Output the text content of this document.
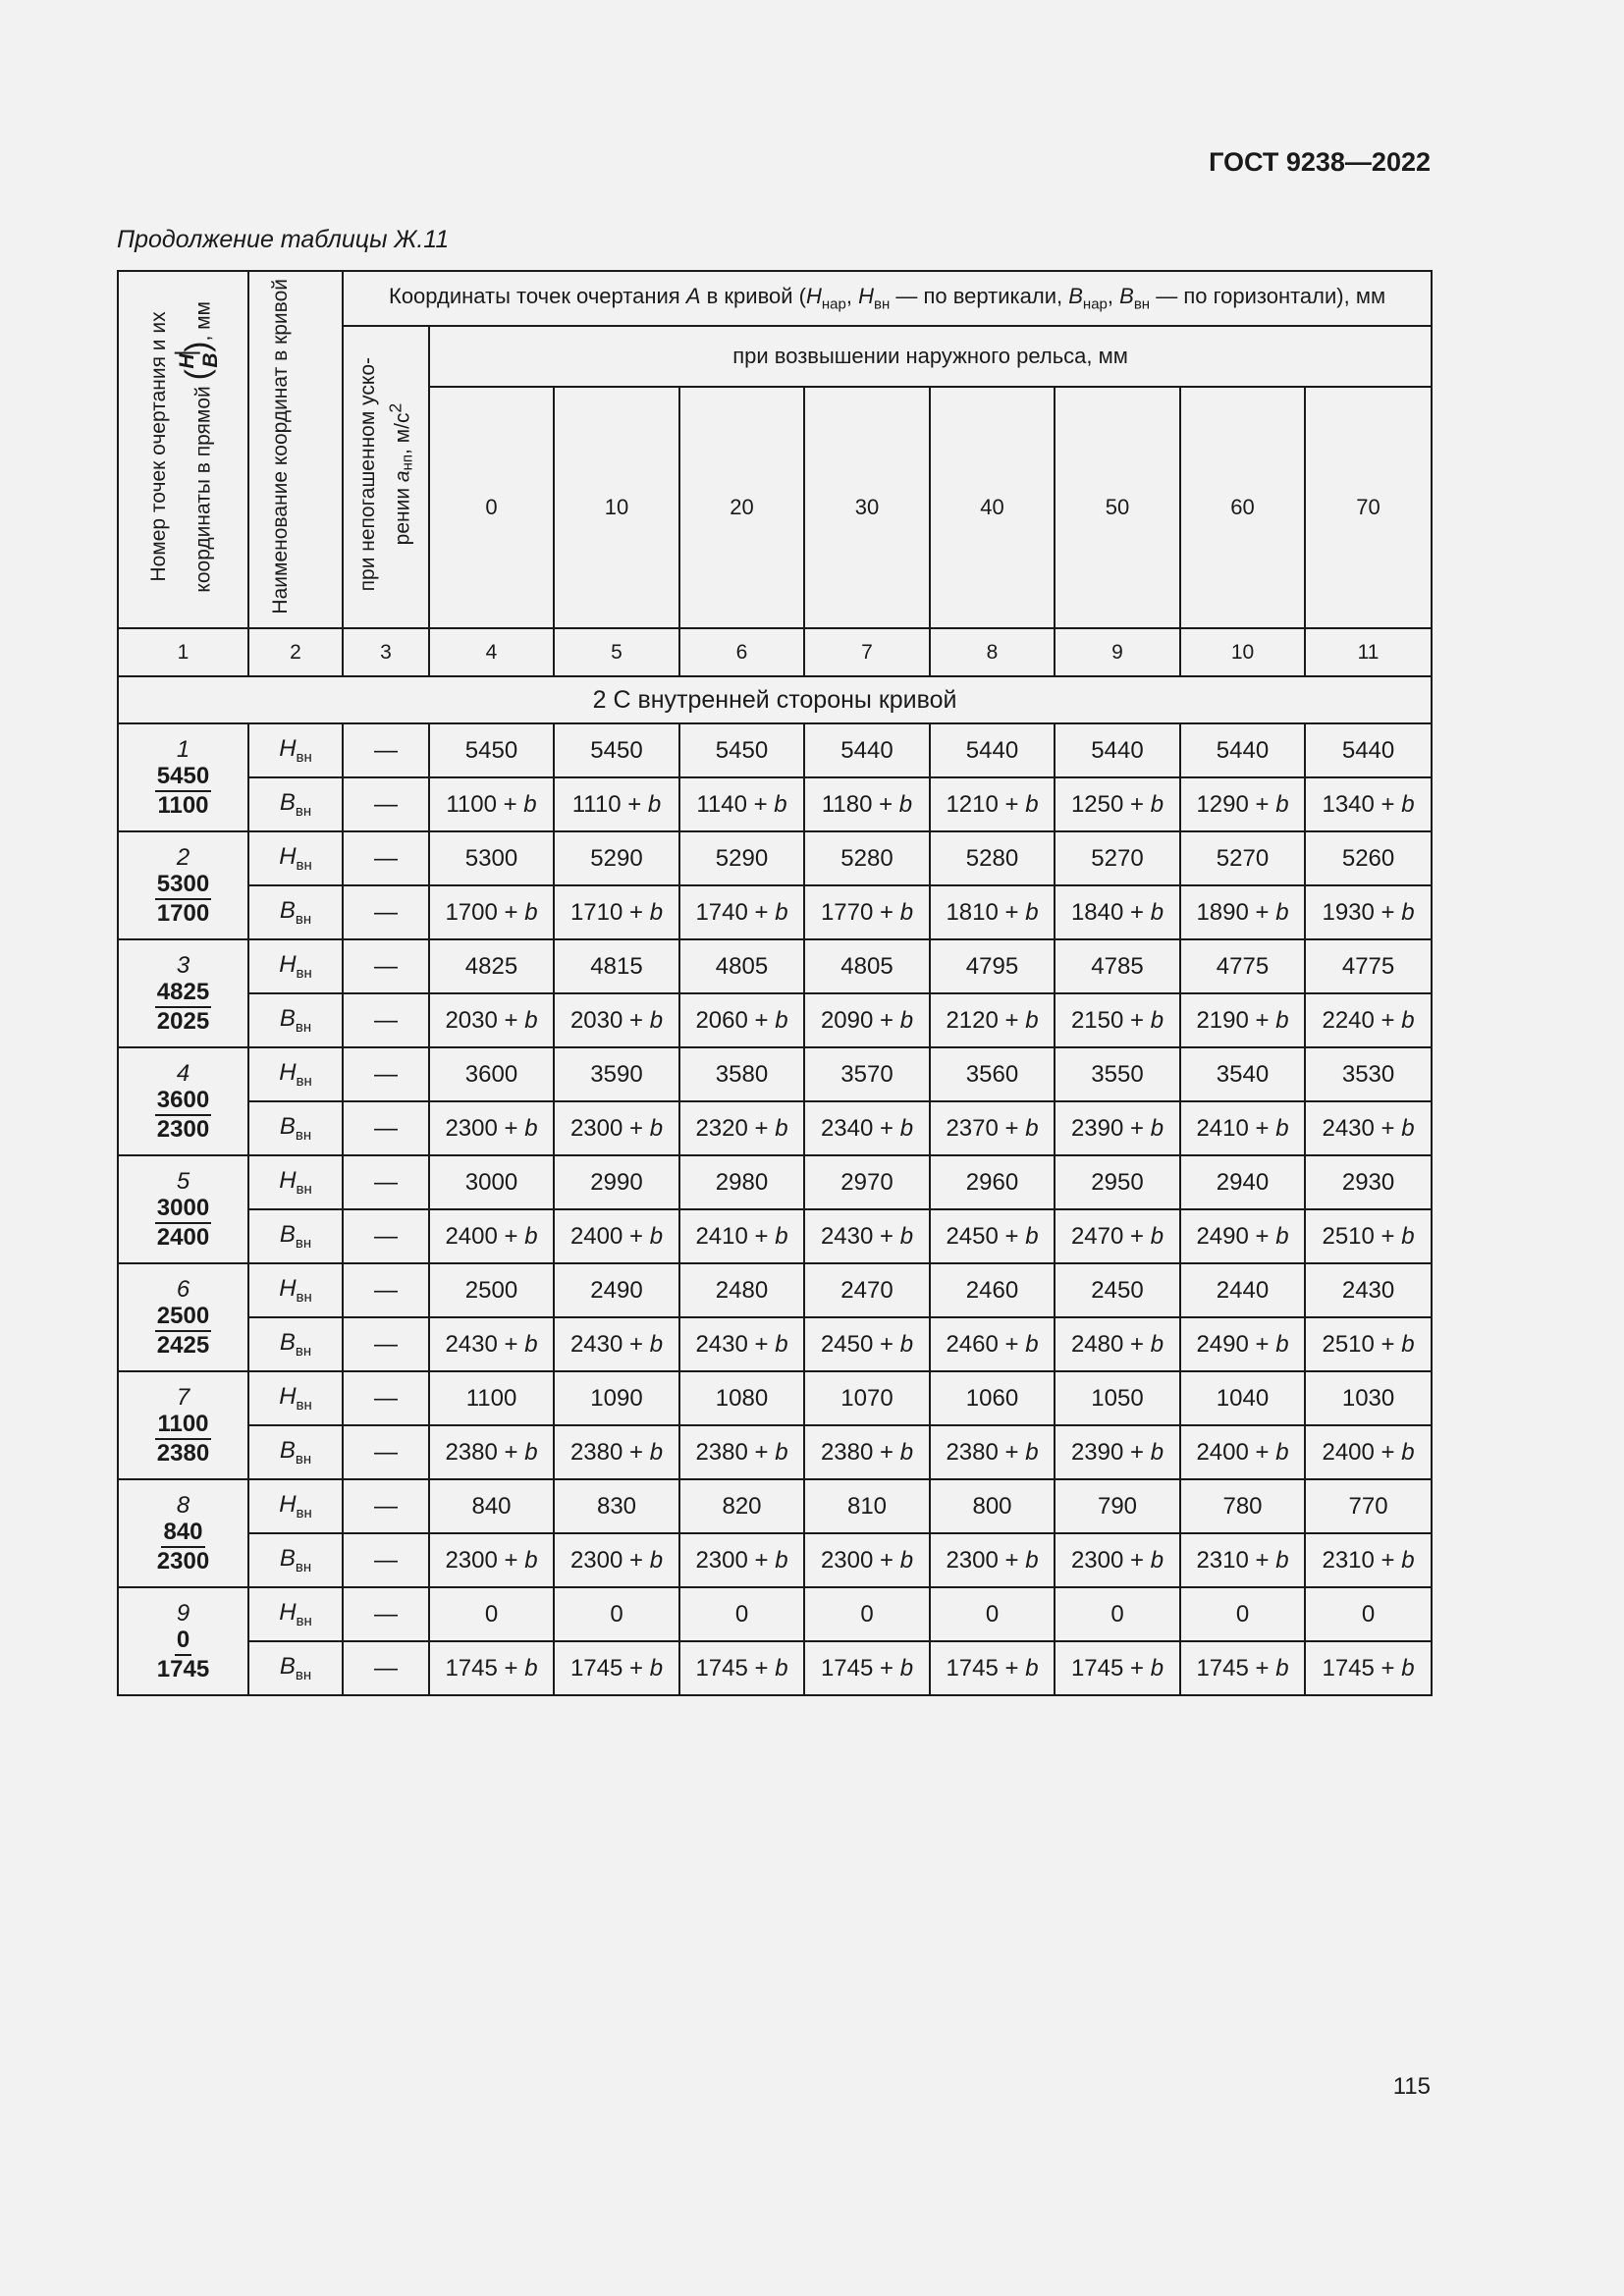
ГОСТ 9238—2022
Продолжение таблицы Ж.11
Номер точек очертания и их координаты в прямой (
H B
), мм	Наименование координат в кривой	Координаты точек очертания A в кривой ($H_{нар}$, $H_{вн}$ — по вертикали, $B_{нар}$, $B_{вн}$ — по горизонтали), мм								
		при непогашенном уско- рении $a_{нп}$, $м/с^2$	при возвышении наружного рельса, мм							
			0	10	20	30	40	50	60	70
1	2	3	4	5	6	7	8	9	10	11
2 С внутренней стороны кривой										

1
5450
1100	$H_{вн}$	—	5450	5450	5450	5440	5440	5440	5440	5440
	$B_{вн}$	—	1100 + b	1110 + b	1140 + b	1180 + b	1210 + b	1250 + b	1290 + b	1340 + b

2
5300
1700	$H_{вн}$	—	5300	5290	5290	5280	5280	5270	5270	5260
	$B_{вн}$	—	1700 + b	1710 + b	1740 + b	1770 + b	1810 + b	1840 + b	1890 + b	1930 + b

3
4825
2025	$H_{вн}$	—	4825	4815	4805	4805	4795	4785	4775	4775
	$B_{вн}$	—	2030 + b	2030 + b	2060 + b	2090 + b	2120 + b	2150 + b	2190 + b	2240 + b

4
3600
2300	$H_{вн}$	—	3600	3590	3580	3570	3560	3550	3540	3530
	$B_{вн}$	—	2300 + b	2300 + b	2320 + b	2340 + b	2370 + b	2390 + b	2410 + b	2430 + b

5
3000
2400	$H_{вн}$	—	3000	2990	2980	2970	2960	2950	2940	2930
	$B_{вн}$	—	2400 + b	2400 + b	2410 + b	2430 + b	2450 + b	2470 + b	2490 + b	2510 + b

6
2500
2425	$H_{вн}$	—	2500	2490	2480	2470	2460	2450	2440	2430
	$B_{вн}$	—	2430 + b	2430 + b	2430 + b	2450 + b	2460 + b	2480 + b	2490 + b	2510 + b

7
1100
2380	$H_{вн}$	—	1100	1090	1080	1070	1060	1050	1040	1030
	$B_{вн}$	—	2380 + b	2380 + b	2380 + b	2380 + b	2380 + b	2390 + b	2400 + b	2400 + b

8
840
2300	$H_{вн}$	—	840	830	820	810	800	790	780	770
	$B_{вн}$	—	2300 + b	2300 + b	2300 + b	2300 + b	2300 + b	2300 + b	2310 + b	2310 + b

9
0
1745	$H_{вн}$	—	0	0	0	0	0	0	0	0
	$B_{вн}$	—	1745 + b	1745 + b	1745 + b	1745 + b	1745 + b	1745 + b	1745 + b	1745 + b
115
